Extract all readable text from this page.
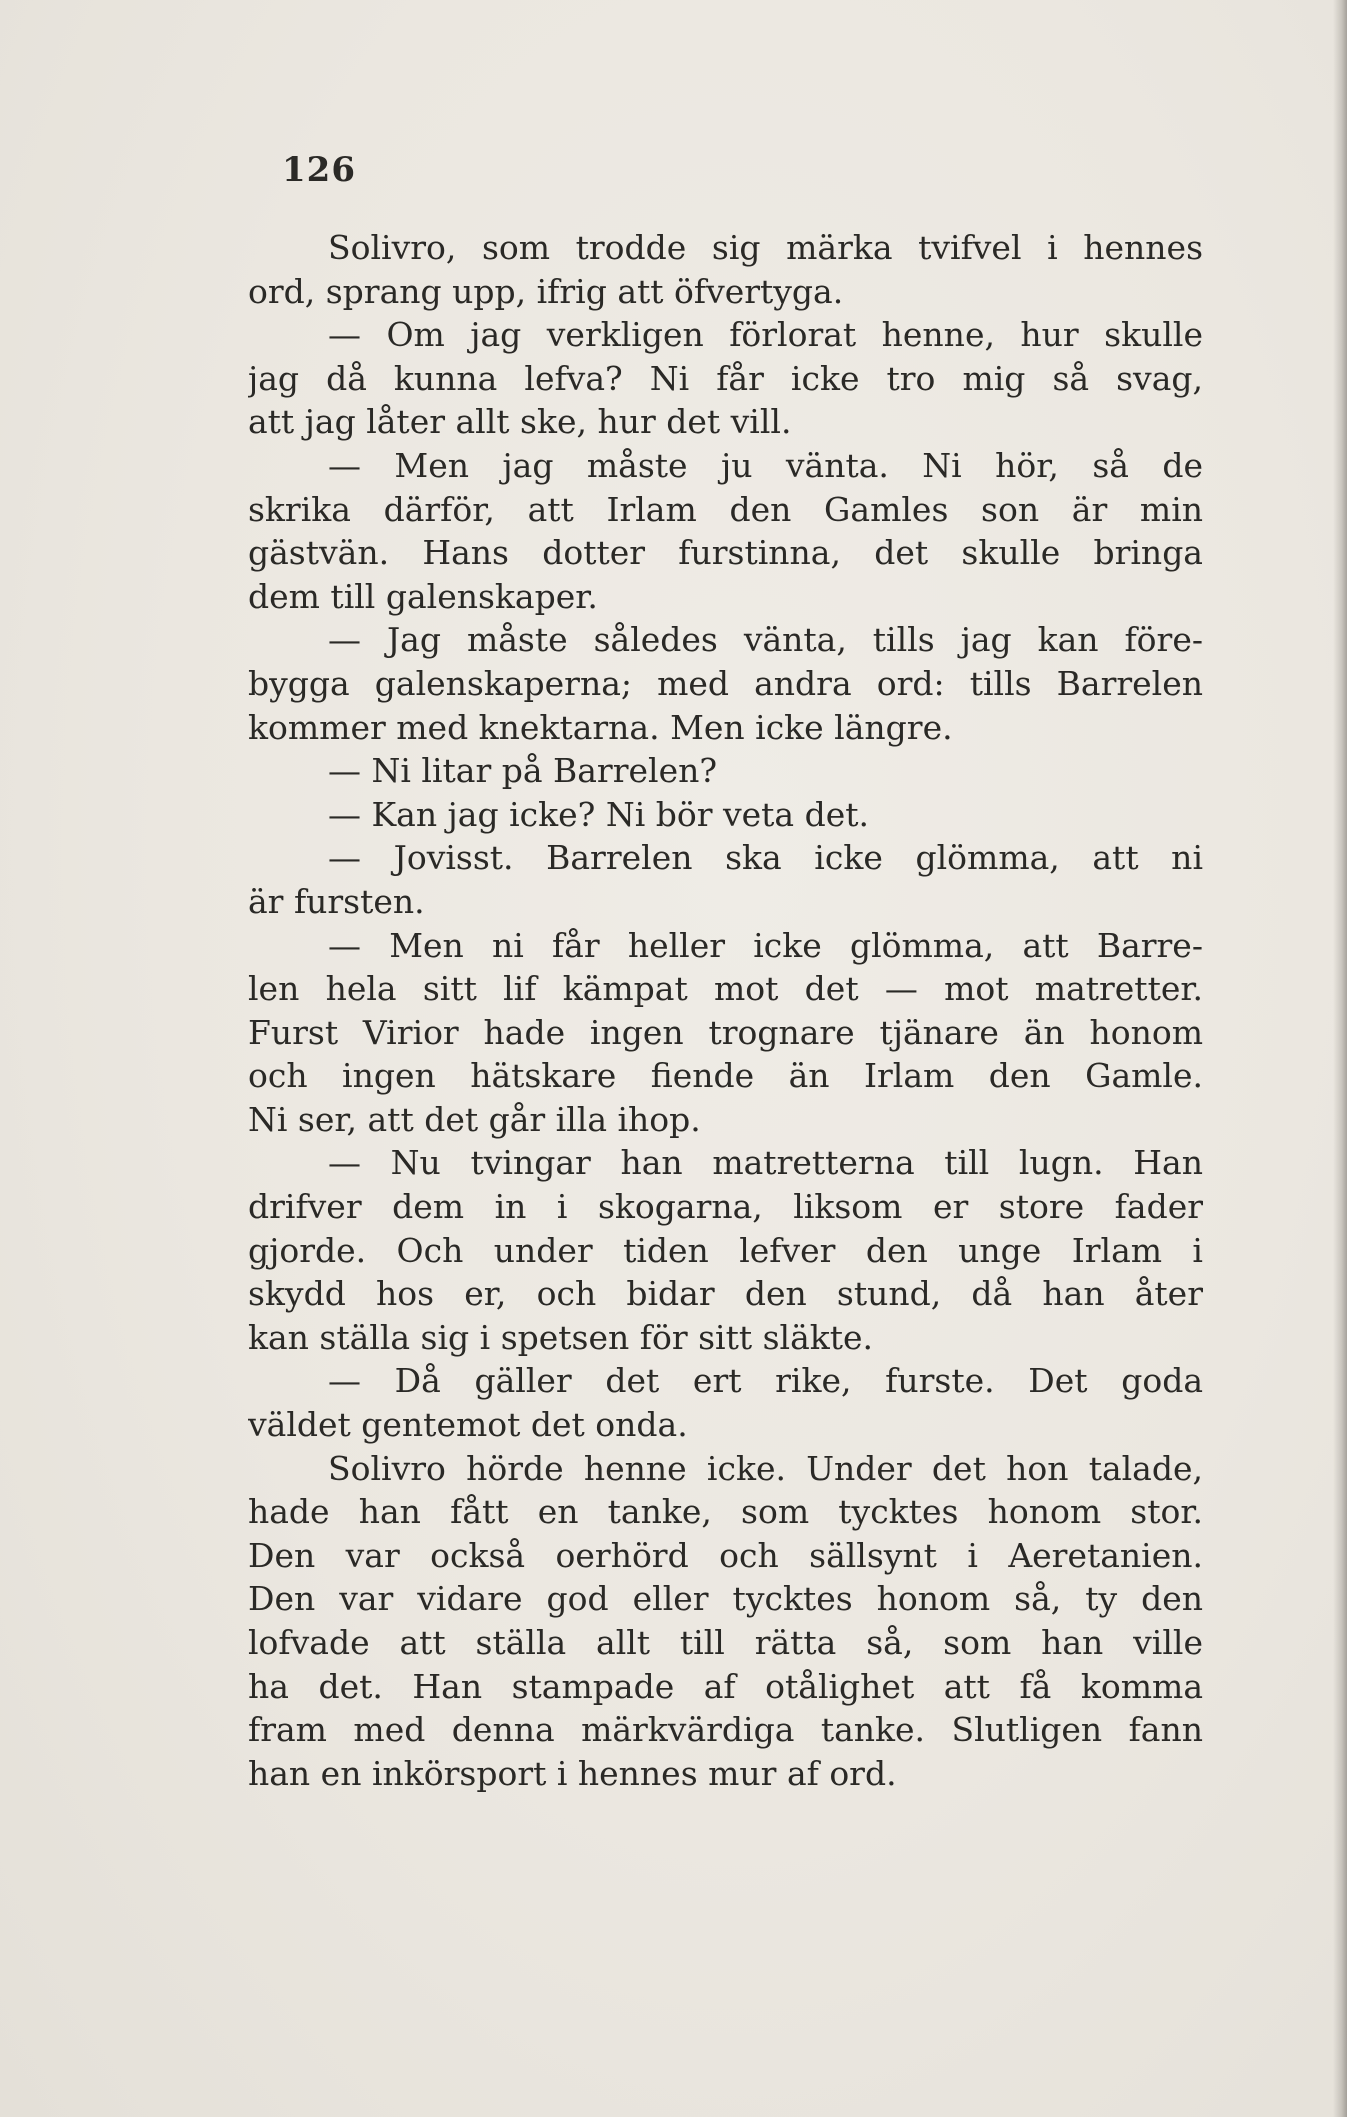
126
Solivro, som trodde sig märka tvifvel i hennes
ord, sprang upp, ifrig att öfvertyga.
— Om jag verkligen förlorat henne, hur skulle
jag då kunna lefva? Ni får icke tro mig så svag,
att jag låter allt ske, hur det vill.
— Men jag måste ju vänta. Ni hör, så de
skrika därför, att Irlam den Gamles son är min
gästvän. Hans dotter furstinna, det skulle bringa
dem till galenskaper.
— Jag måste således vänta, tills jag kan före-
bygga galenskaperna; med andra ord: tills Barrelen
kommer med knektarna. Men icke längre.
— Ni litar på Barrelen?
— Kan jag icke? Ni bör veta det.
— Jovisst. Barrelen ska icke glömma, att ni
är fursten.
— Men ni får heller icke glömma, att Barre-
len hela sitt lif kämpat mot det — mot matretter.
Furst Virior hade ingen trognare tjänare än honom
och ingen hätskare fiende än Irlam den Gamle.
Ni ser, att det går illa ihop.
— Nu tvingar han matretterna till lugn. Han
drifver dem in i skogarna, liksom er store fader
gjorde. Och under tiden lefver den unge Irlam i
skydd hos er, och bidar den stund, då han åter
kan ställa sig i spetsen för sitt släkte.
— Då gäller det ert rike, furste. Det goda
väldet gentemot det onda.
Solivro hörde henne icke. Under det hon talade,
hade han fått en tanke, som tycktes honom stor.
Den var också oerhörd och sällsynt i Aeretanien.
Den var vidare god eller tycktes honom så, ty den
lofvade att ställa allt till rätta så, som han ville
ha det. Han stampade af otålighet att få komma
fram med denna märkvärdiga tanke. Slutligen fann
han en inkörsport i hennes mur af ord.
